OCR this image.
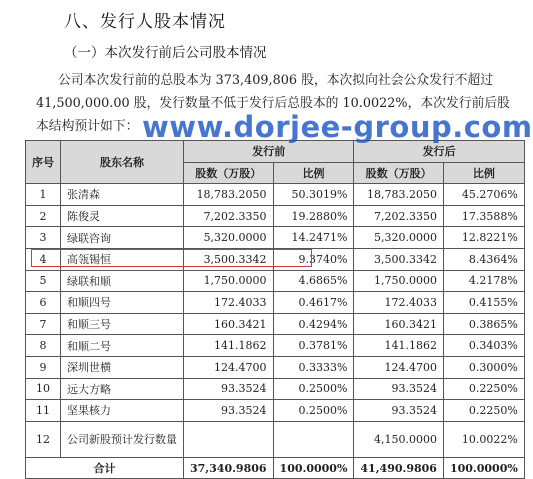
八、发行人股本情况
（一）本次发行前后公司股本情况

公司本次发行前的总股本为 373,409,806 股，本次拟向社会公众发行不超过

41,500,000.00 股，发行数量不低于发行后总股本的 10.0022%，本次发行前后股

本结构预计如下：

序号	股东名称	发行前		发行后	
		股数（万股）	比例	股数（万股）	比例
1	张清森	18,783.2050	50.3019%	18,783.2050	45.2706%
2	陈俊灵	7,202.3350	19.2880%	7,202.3350	17.3588%
3	绿联咨询	5,320.0000	14.2471%	5,320.0000	12.8221%
4	高瓴锡恒	3,500.3342	9.3740%	3,500.3342	8.4364%
5	绿联和顺	1,750.0000	4.6865%	1,750.0000	4.2178%
6	和顺四号	172.4033	0.4617%	172.4033	0.4155%
7	和顺三号	160.3421	0.4294%	160.3421	0.3865%
8	和顺二号	141.1862	0.3781%	141.1862	0.3403%
9	深圳世横	124.4700	0.3333%	124.4700	0.3000%
10	远大方略	93.3524	0.2500%	93.3524	0.2250%
11	坚果核力	93.3524	0.2500%	93.3524	0.2250%
12	公司新股预计发行数量			4,150.0000	10.0022%
合计		37,340.9806	100.0000%	41,490.9806	100.0000%
www.dorjee-group.com
